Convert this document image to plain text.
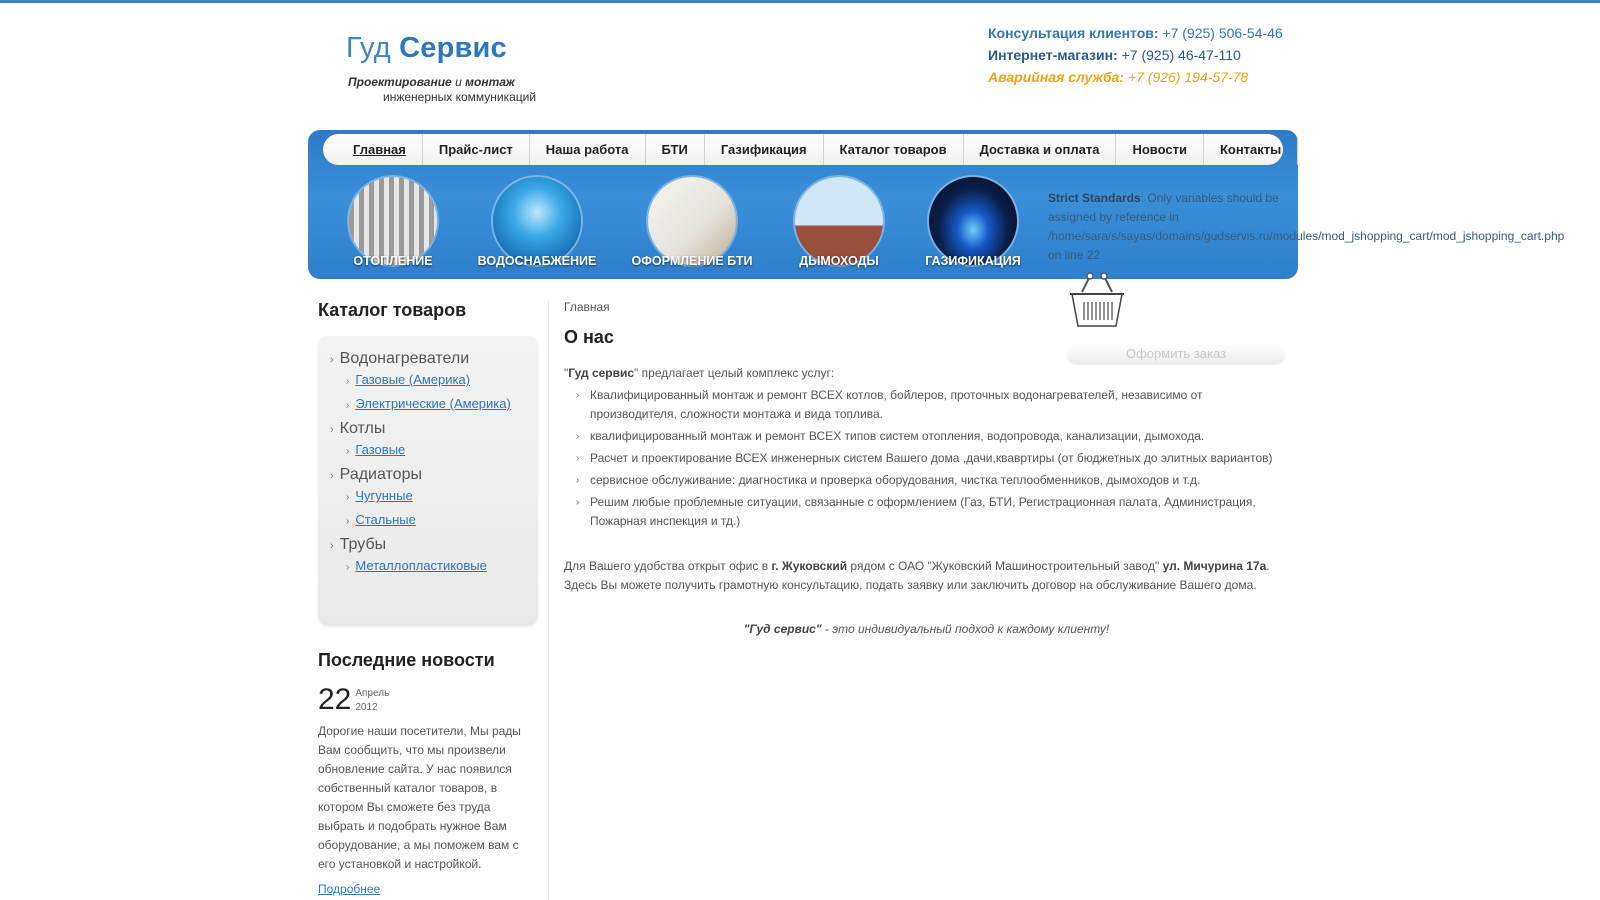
Гуд Сервис
Проектирование и монтаж
инженерных коммуникаций
Консультация клиентов: +7 (925) 506-54-46
Интернет-магазин: +7 (925) 46-47-110
Аварийная служба: +7 (926) 194-57-78
Главная	Прайс-лист	Наша работа	БТИ	Газификация	Каталог товаров	Доставка и оплата	Новости	Контакты
ОТОПЛЕНИЕ	ВОДОСНАБЖЕНИЕ	ОФОРМЛЕНИЕ БТИ	ДЫМОХОДЫ	ГАЗИФИКАЦИЯ
Strict Standards: Only variables should be
assigned by reference in
/home/sara/s/sayas/domains/gudservis.ru/modules/mod_jshopping_cart/mod_jshopping_cart.php
on line 22
Оформить заказ
Каталог товаров
› Водонагреватели
› Газовые (Америка)
› Электрические (Америка)
› Котлы
› Газовые
› Радиаторы
› Чугунные
› Стальные
› Трубы
› Металлопластиковые
Последние новости
22 Апрель
2012
Дорогие наши посетители, Мы рады Вам сообщить, что мы произвели обновление сайта. У нас появился собственный каталог товаров, в котором Вы сможете без труда выбрать и подобрать нужное Вам оборудование, а мы поможем вам с его установкой и настройкой.
Подробнее
Главная
О нас
"Гуд сервис" предлагает целый комплекс услуг:
› Квалифицированный монтаж и ремонт ВСЕХ котлов, бойлеров, проточных водонагревателей, независимо от производителя, сложности монтажа и вида топлива.
› квалифицированный монтаж и ремонт ВСЕХ типов систем отопления, водопровода, канализации, дымохода.
› Расчет и проектирование ВСЕХ инженерных систем Вашего дома ,дачи,квавртиры (от бюджетных до элитных вариантов)
› сервисное обслуживание: диагностика и проверка оборудования, чистка теплообменников, дымоходов и т.д.
› Решим любые проблемные ситуации, связанные с оформлением (Газ, БТИ, Регистрационная палата, Администрация, Пожарная инспекция и тд.)
Для Вашего удобства открыт офис в г. Жуковский рядом с ОАО "Жуковский Машиностроительный завод" ул. Мичурина 17а. Здесь Вы можете получить грамотную консультацию, подать заявку или заключить договор на обслуживание Вашего дома.
"Гуд сервис" - это индивидуальный подход к каждому клиенту!
